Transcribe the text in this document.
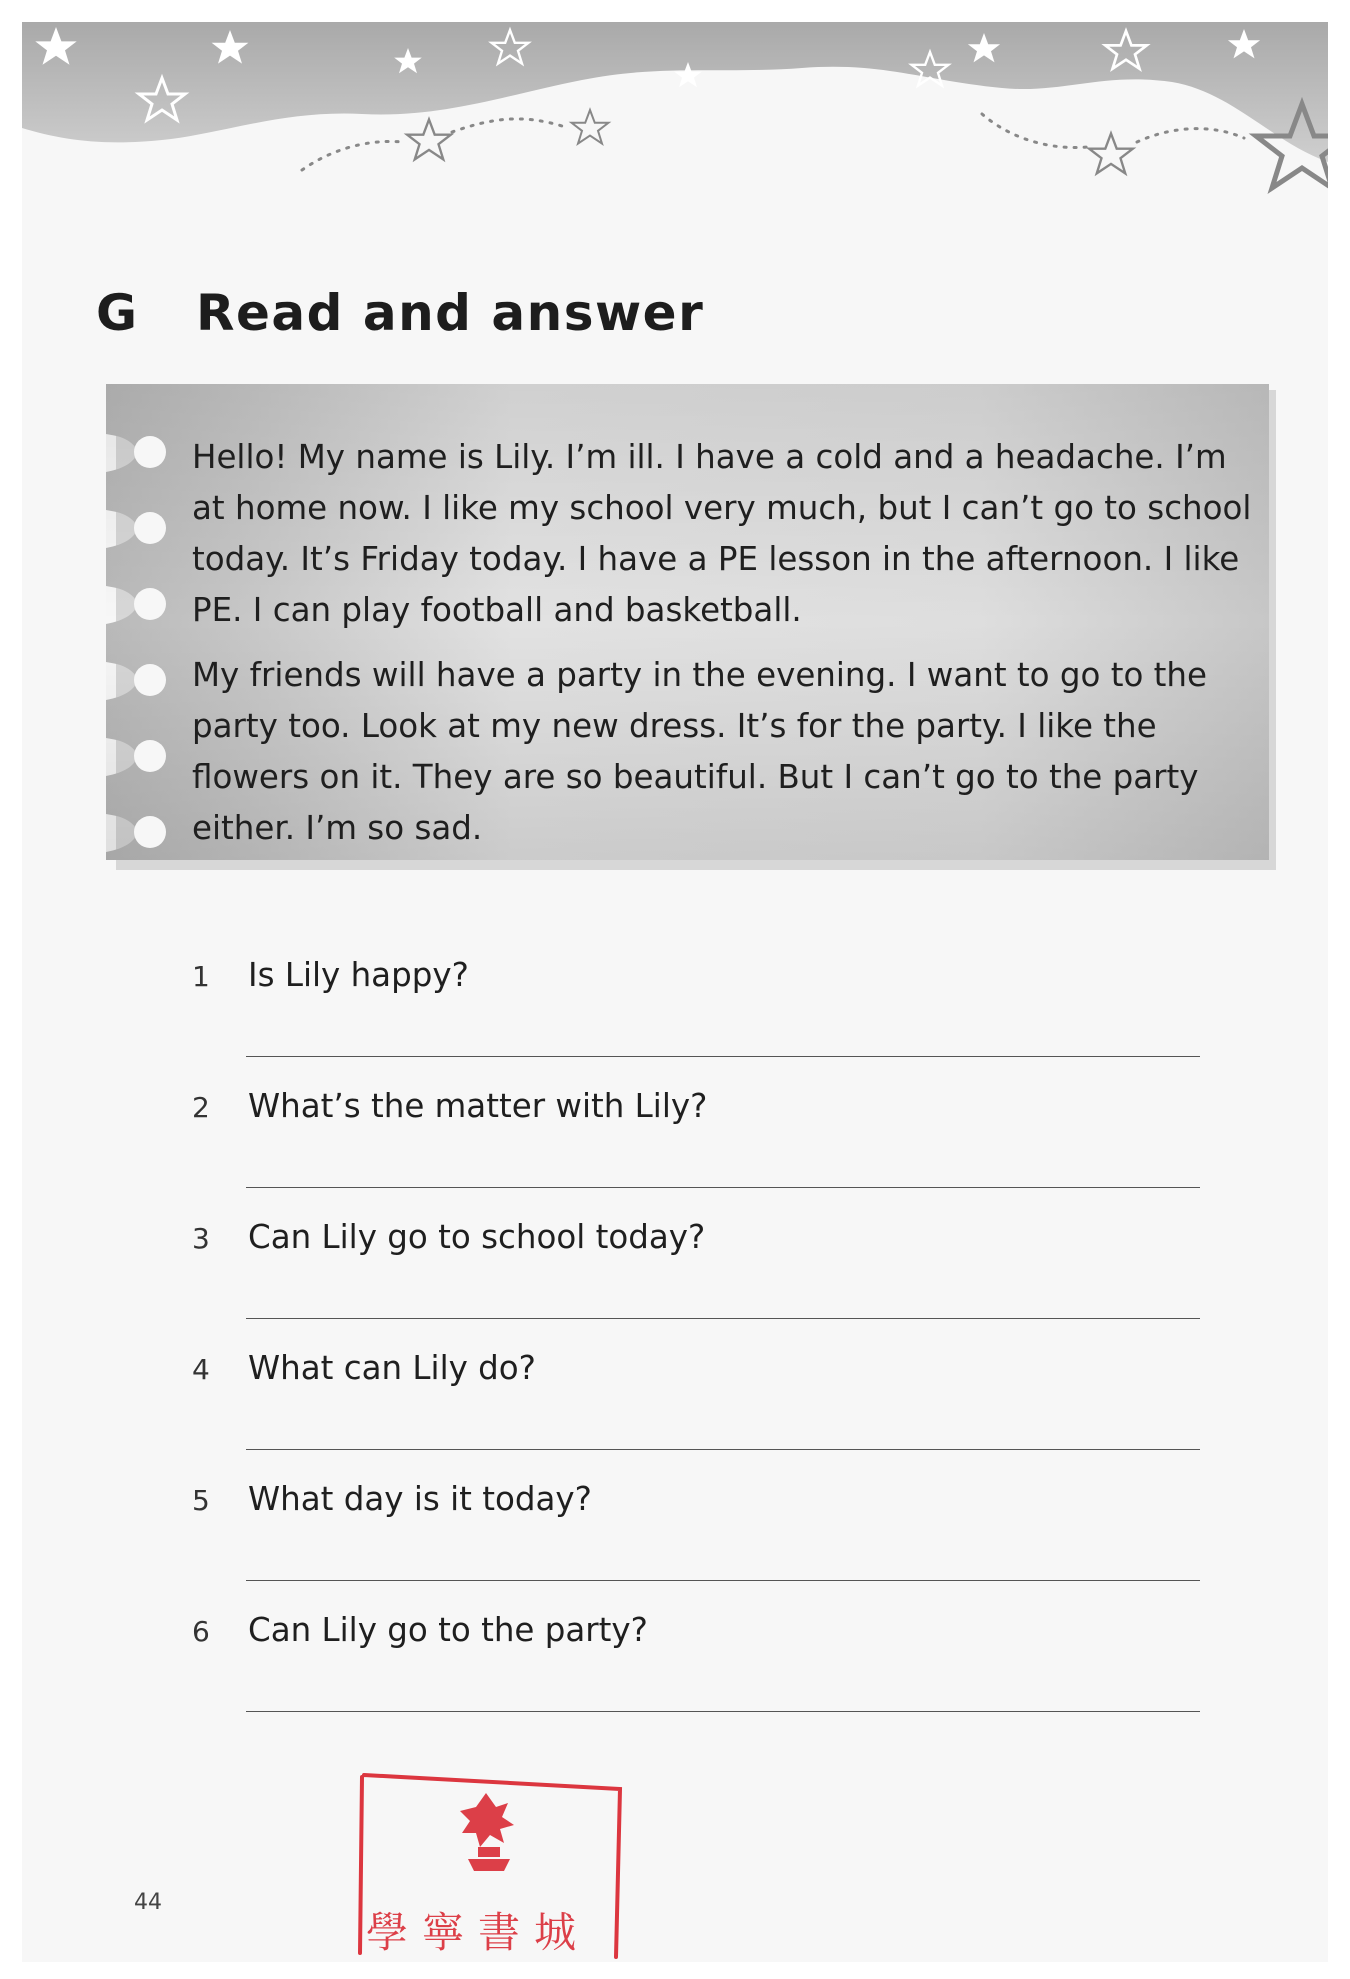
G Read and answer

Hello! My name is Lily. I’m ill. I have a cold and a headache. I’m at home now. I like my school very much, but I can’t go to school today. It’s Friday today. I have a PE lesson in the afternoon. I like PE. I can play football and basketball.

My friends will have a party in the evening. I want to go to the party too. Look at my new dress. It’s for the party. I like the flowers on it. They are so beautiful. But I can’t go to the party either. I’m so sad.

1 Is Lily happy?
2 What’s the matter with Lily?
3 Can Lily go to school today?
4 What can Lily do?
5 What day is it today?
6 Can Lily go to the party?
44
學寧書城
